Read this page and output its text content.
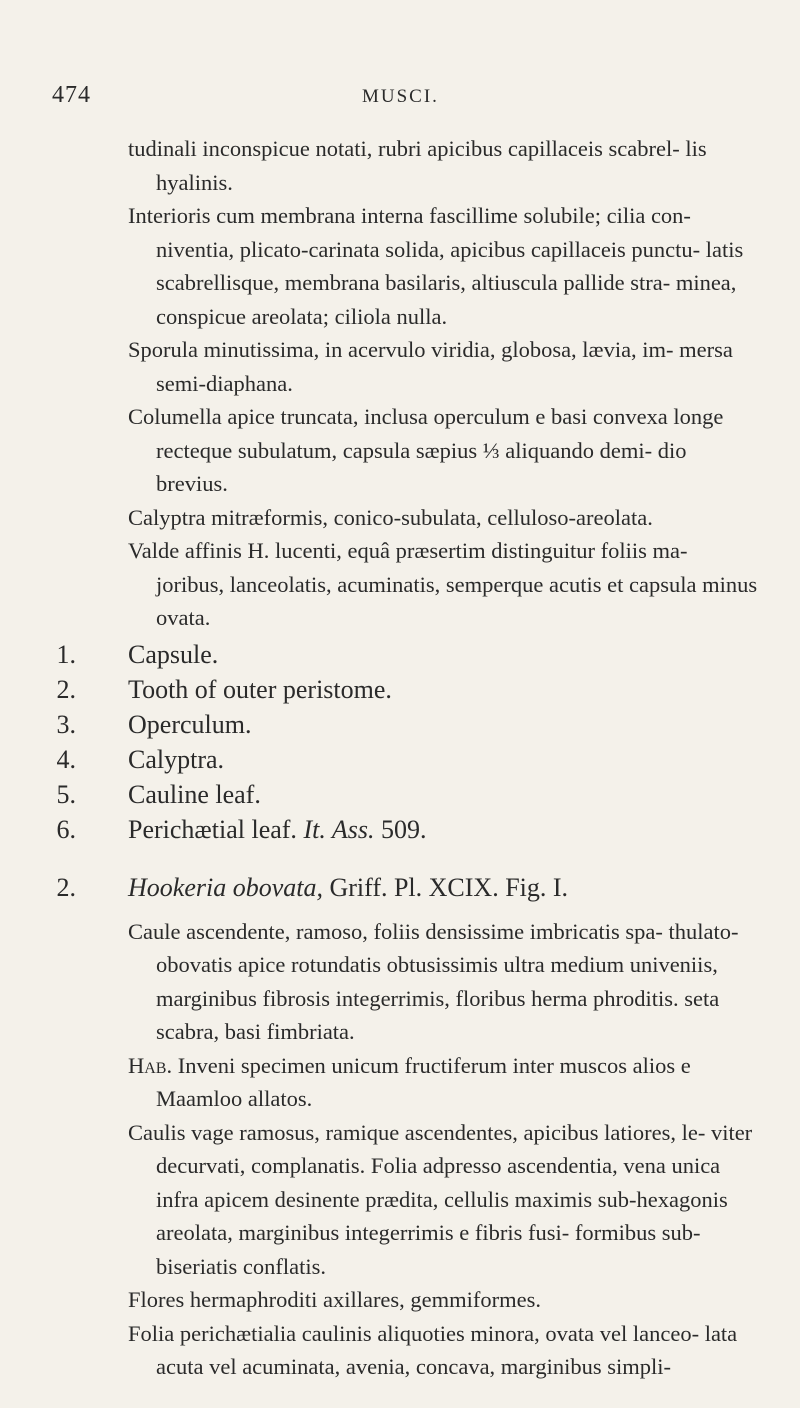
474	MUSCI.

tudinali inconspicue notati, rubri apicibus capillaceis scabrel- lis hyalinis.

Interioris cum membrana interna fascillime solubile; cilia con- niventia, plicato-carinata solida, apicibus capillaceis punctu- latis scabrellisque, membrana basilaris, altiuscula pallide stra- minea, conspicue areolata; ciliola nulla.

Sporula minutissima, in acervulo viridia, globosa, lævia, im- mersa semi-diaphana.

Columella apice truncata, inclusa operculum e basi convexa longe recteque subulatum, capsula sæpius ⅓ aliquando demi- dio brevius.

Calyptra mitræformis, conico-subulata, celluloso-areolata.

Valde affinis H. lucenti, equâ præsertim distinguitur foliis ma- joribus, lanceolatis, acuminatis, semperque acutis et capsula minus ovata.

1. Capsule.
2. Tooth of outer peristome.
3. Operculum.
4. Calyptra.
5. Cauline leaf.
6. Perichætial leaf. It. Ass. 509.
2. Hookeria obovata, Griff. Pl. XCIX. Fig. I.

Caule ascendente, ramoso, foliis densissime imbricatis spa- thulato-obovatis apice rotundatis obtusissimis ultra medium univeniis, marginibus fibrosis integerrimis, floribus herma phroditis. seta scabra, basi fimbriata.

Hab. Inveni specimen unicum fructiferum inter muscos alios e Maamloo allatos.

Caulis vage ramosus, ramique ascendentes, apicibus latiores, le- viter decurvati, complanatis. Folia adpresso ascendentia, vena unica infra apicem desinente prædita, cellulis maximis sub-hexagonis areolata, marginibus integerrimis e fibris fusi- formibus sub-biseriatis conflatis.

Flores hermaphroditi axillares, gemmiformes.

Folia perichætialia caulinis aliquoties minora, ovata vel lanceo- lata acuta vel acuminata, avenia, concava, marginibus simpli-
